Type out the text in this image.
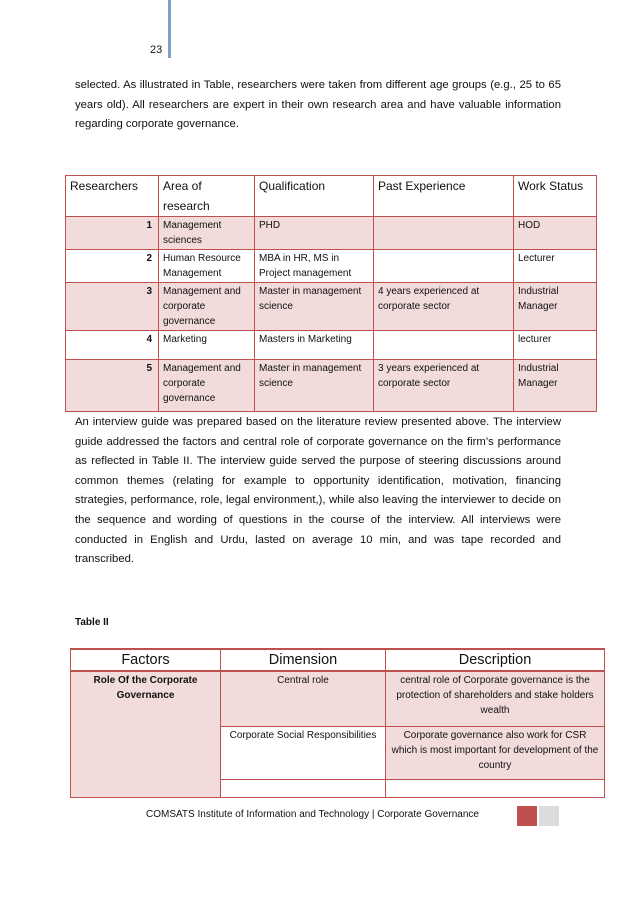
23

selected. As illustrated in Table, researchers were taken from different age groups (e.g., 25 to 65 years old). All researchers are expert in their own research area and have valuable information regarding corporate governance.

Researchers	Area of research	Qualification	Past Experience	Work Status
1	Management sciences	PHD		HOD
2	Human Resource Management	MBA in HR, MS in Project management		Lecturer
3	Management and corporate governance	Master in management science	4 years experienced at corporate sector	Industrial Manager
4	Marketing	Masters in Marketing		lecturer
5	Management and corporate governance	Master in management science	3 years experienced at corporate sector	Industrial Manager

An interview guide was prepared based on the literature review presented above. The interview guide addressed the factors and central role of corporate governance on the firm’s performance as reflected in Table II. The interview guide served the purpose of steering discussions around common themes (relating for example to opportunity identification, motivation, financing strategies, performance, role, legal environment,), while also leaving the interviewer to decide on the sequence and wording of questions in the course of the interview. All interviews were conducted in English and Urdu, lasted on average 10 min, and was tape recorded and transcribed.

Table II
Factors	Dimension	Description
Role Of the Corporate Governance	Central role	central role of Corporate governance is the protection of shareholders and stake holders wealth
	Corporate Social Responsibilities	Corporate governance also work for CSR which is most important for development of the country

COMSATS Institute of Information and Technology | Corporate Governance
